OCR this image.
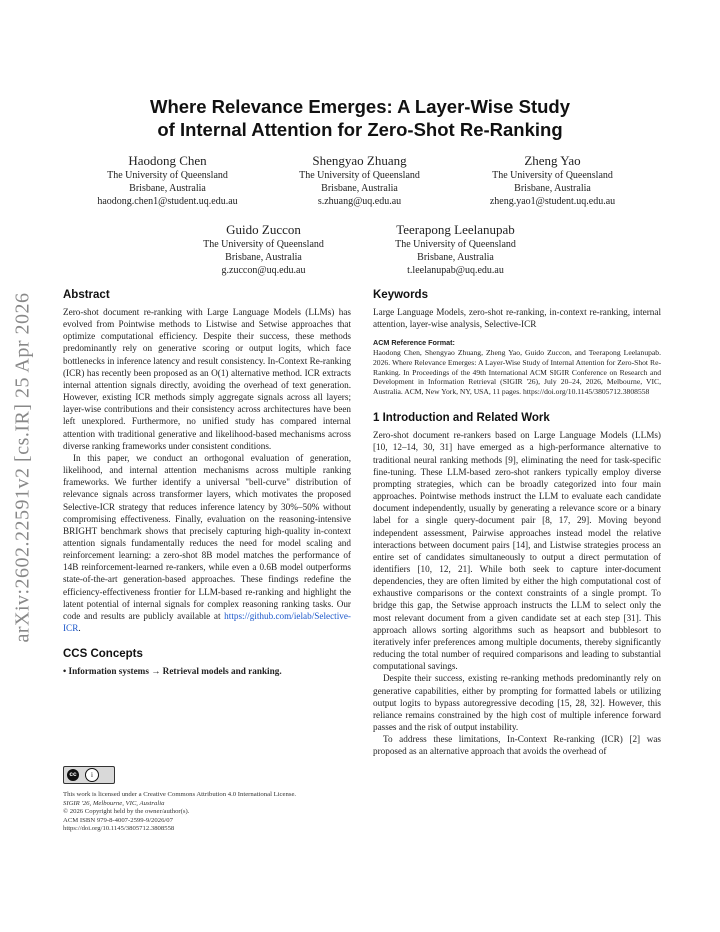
arXiv:2602.22591v2 [cs.IR] 25 Apr 2026
Where Relevance Emerges: A Layer-Wise Study
of Internal Attention for Zero-Shot Re-Ranking
Haodong Chen
The University of Queensland
Brisbane, Australia
haodong.chen1@student.uq.edu.au
Shengyao Zhuang
The University of Queensland
Brisbane, Australia
s.zhuang@uq.edu.au
Zheng Yao
The University of Queensland
Brisbane, Australia
zheng.yao1@student.uq.edu.au
Guido Zuccon
The University of Queensland
Brisbane, Australia
g.zuccon@uq.edu.au
Teerapong Leelanupab
The University of Queensland
Brisbane, Australia
t.leelanupab@uq.edu.au
Abstract

Zero-shot document re-ranking with Large Language Models (LLMs) has evolved from Pointwise methods to Listwise and Setwise approaches that optimize computational efficiency. Despite their success, these methods predominantly rely on generative scoring or output logits, which face bottlenecks in inference latency and result consistency. In-Context Re-ranking (ICR) has recently been proposed as an O(1) alternative method. ICR extracts internal attention signals directly, avoiding the overhead of text generation. However, existing ICR methods simply aggregate signals across all layers; layer-wise contributions and their consistency across architectures have been left unexplored. Furthermore, no unified study has compared internal attention with traditional generative and likelihood-based mechanisms across diverse ranking frameworks under consistent conditions.

In this paper, we conduct an orthogonal evaluation of generation, likelihood, and internal attention mechanisms across multiple ranking frameworks. We further identify a universal "bell-curve" distribution of relevance signals across transformer layers, which motivates the proposed Selective-ICR strategy that reduces inference latency by 30%–50% without compromising effectiveness. Finally, evaluation on the reasoning-intensive BRIGHT benchmark shows that precisely capturing high-quality in-context attention signals fundamentally reduces the need for model scaling and reinforcement learning: a zero-shot 8B model matches the performance of 14B reinforcement-learned re-rankers, while even a 0.6B model outperforms state-of-the-art generation-based approaches. These findings redefine the efficiency-effectiveness frontier for LLM-based re-ranking and highlight the latent potential of internal signals for complex reasoning ranking tasks. Our code and results are publicly available at https://github.com/ielab/Selective-ICR.

CCS Concepts

• Information systems → Retrieval models and ranking.

cc	i
This work is licensed under a Creative Commons Attribution 4.0 International License.
SIGIR '26, Melbourne, VIC, Australia
© 2026 Copyright held by the owner/author(s).
ACM ISBN 979-8-4007-2599-9/2026/07
https://doi.org/10.1145/3805712.3808558
Keywords

Large Language Models, zero-shot re-ranking, in-context re-ranking, internal attention, layer-wise analysis, Selective-ICR

ACM Reference Format:

Haodong Chen, Shengyao Zhuang, Zheng Yao, Guido Zuccon, and Teerapong Leelanupab. 2026. Where Relevance Emerges: A Layer-Wise Study of Internal Attention for Zero-Shot Re-Ranking. In Proceedings of the 49th International ACM SIGIR Conference on Research and Development in Information Retrieval (SIGIR '26), July 20–24, 2026, Melbourne, VIC, Australia. ACM, New York, NY, USA, 11 pages. https://doi.org/10.1145/3805712.3808558

1 Introduction and Related Work

Zero-shot document re-rankers based on Large Language Models (LLMs) [10, 12–14, 30, 31] have emerged as a high-performance alternative to traditional neural ranking methods [9], eliminating the need for task-specific fine-tuning. These LLM-based zero-shot rankers typically employ diverse prompting strategies, which can be broadly categorized into four main approaches. Pointwise methods instruct the LLM to evaluate each candidate document independently, usually by generating a relevance score or a binary label for a single query-document pair [8, 17, 29]. Moving beyond independent assessment, Pairwise approaches instead model the relative interactions between document pairs [14], and Listwise strategies process an entire set of candidates simultaneously to output a direct permutation of identifiers [10, 12, 21]. While both seek to capture inter-document dependencies, they are often limited by either the high computational cost of exhaustive comparisons or the context constraints of a single prompt. To bridge this gap, the Setwise approach instructs the LLM to select only the most relevant document from a given candidate set at each step [31]. This approach allows sorting algorithms such as heapsort and bubblesort to iteratively infer preferences among multiple documents, thereby significantly reducing the total number of required comparisons and leading to substantial computational savings.

Despite their success, existing re-ranking methods predominantly rely on generative capabilities, either by prompting for formatted labels or utilizing output logits to bypass autoregressive decoding [15, 28, 32]. However, this reliance remains constrained by the high cost of multiple inference forward passes and the risk of output instability.

To address these limitations, In-Context Re-ranking (ICR) [2] was proposed as an alternative approach that avoids the overhead of
